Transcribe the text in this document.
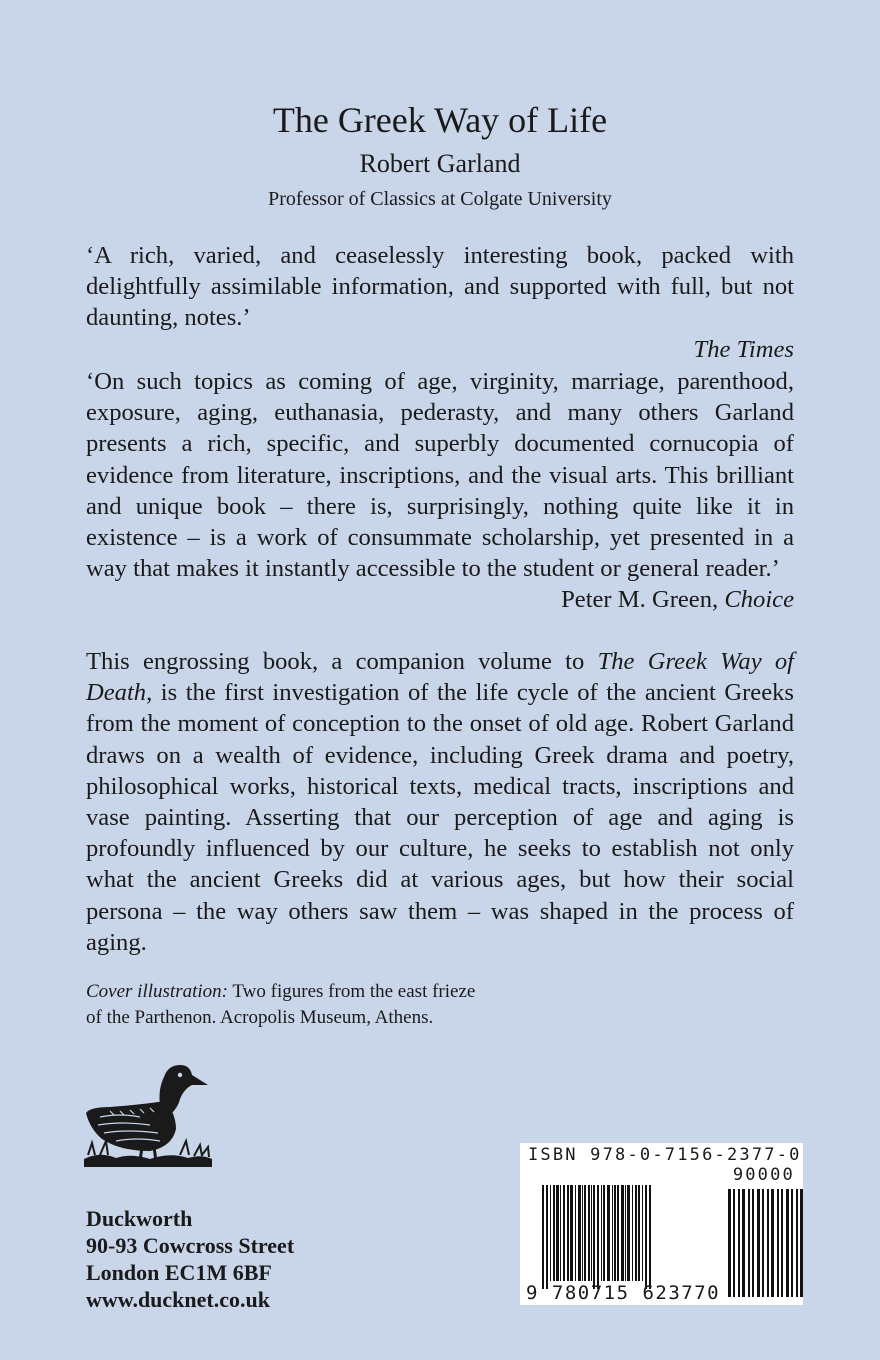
The Greek Way of Life
Robert Garland
Professor of Classics at Colgate University
‘A rich, varied, and ceaselessly interesting book, packed with delightfully assimilable information, and supported with full, but not daunting, notes.’
The Times
‘On such topics as coming of age, virginity, marriage, parenthood, exposure, aging, euthanasia, pederasty, and many others Garland presents a rich, specific, and superbly documented cornucopia of evidence from literature, inscriptions, and the visual arts. This brilliant and unique book – there is, surprisingly, nothing quite like it in existence – is a work of consummate scholarship, yet presented in a way that makes it instantly accessible to the student or general reader.’
Peter M. Green, Choice
This engrossing book, a companion volume to The Greek Way of Death, is the first investigation of the life cycle of the ancient Greeks from the moment of conception to the onset of old age. Robert Garland draws on a wealth of evidence, including Greek drama and poetry, philosophical works, historical texts, medical tracts, inscriptions and vase painting. Asserting that our perception of age and aging is profoundly influenced by our culture, he seeks to establish not only what the ancient Greeks did at various ages, but how their social persona – the way others saw them – was shaped in the process of aging.
Cover illustration: Two figures from the east frieze
of the Parthenon. Acropolis Museum, Athens.
Duckworth
90-93 Cowcross Street
London EC1M 6BF
www.ducknet.co.uk
ISBN 978-0-7156-2377-0
90000
9 780715 623770
